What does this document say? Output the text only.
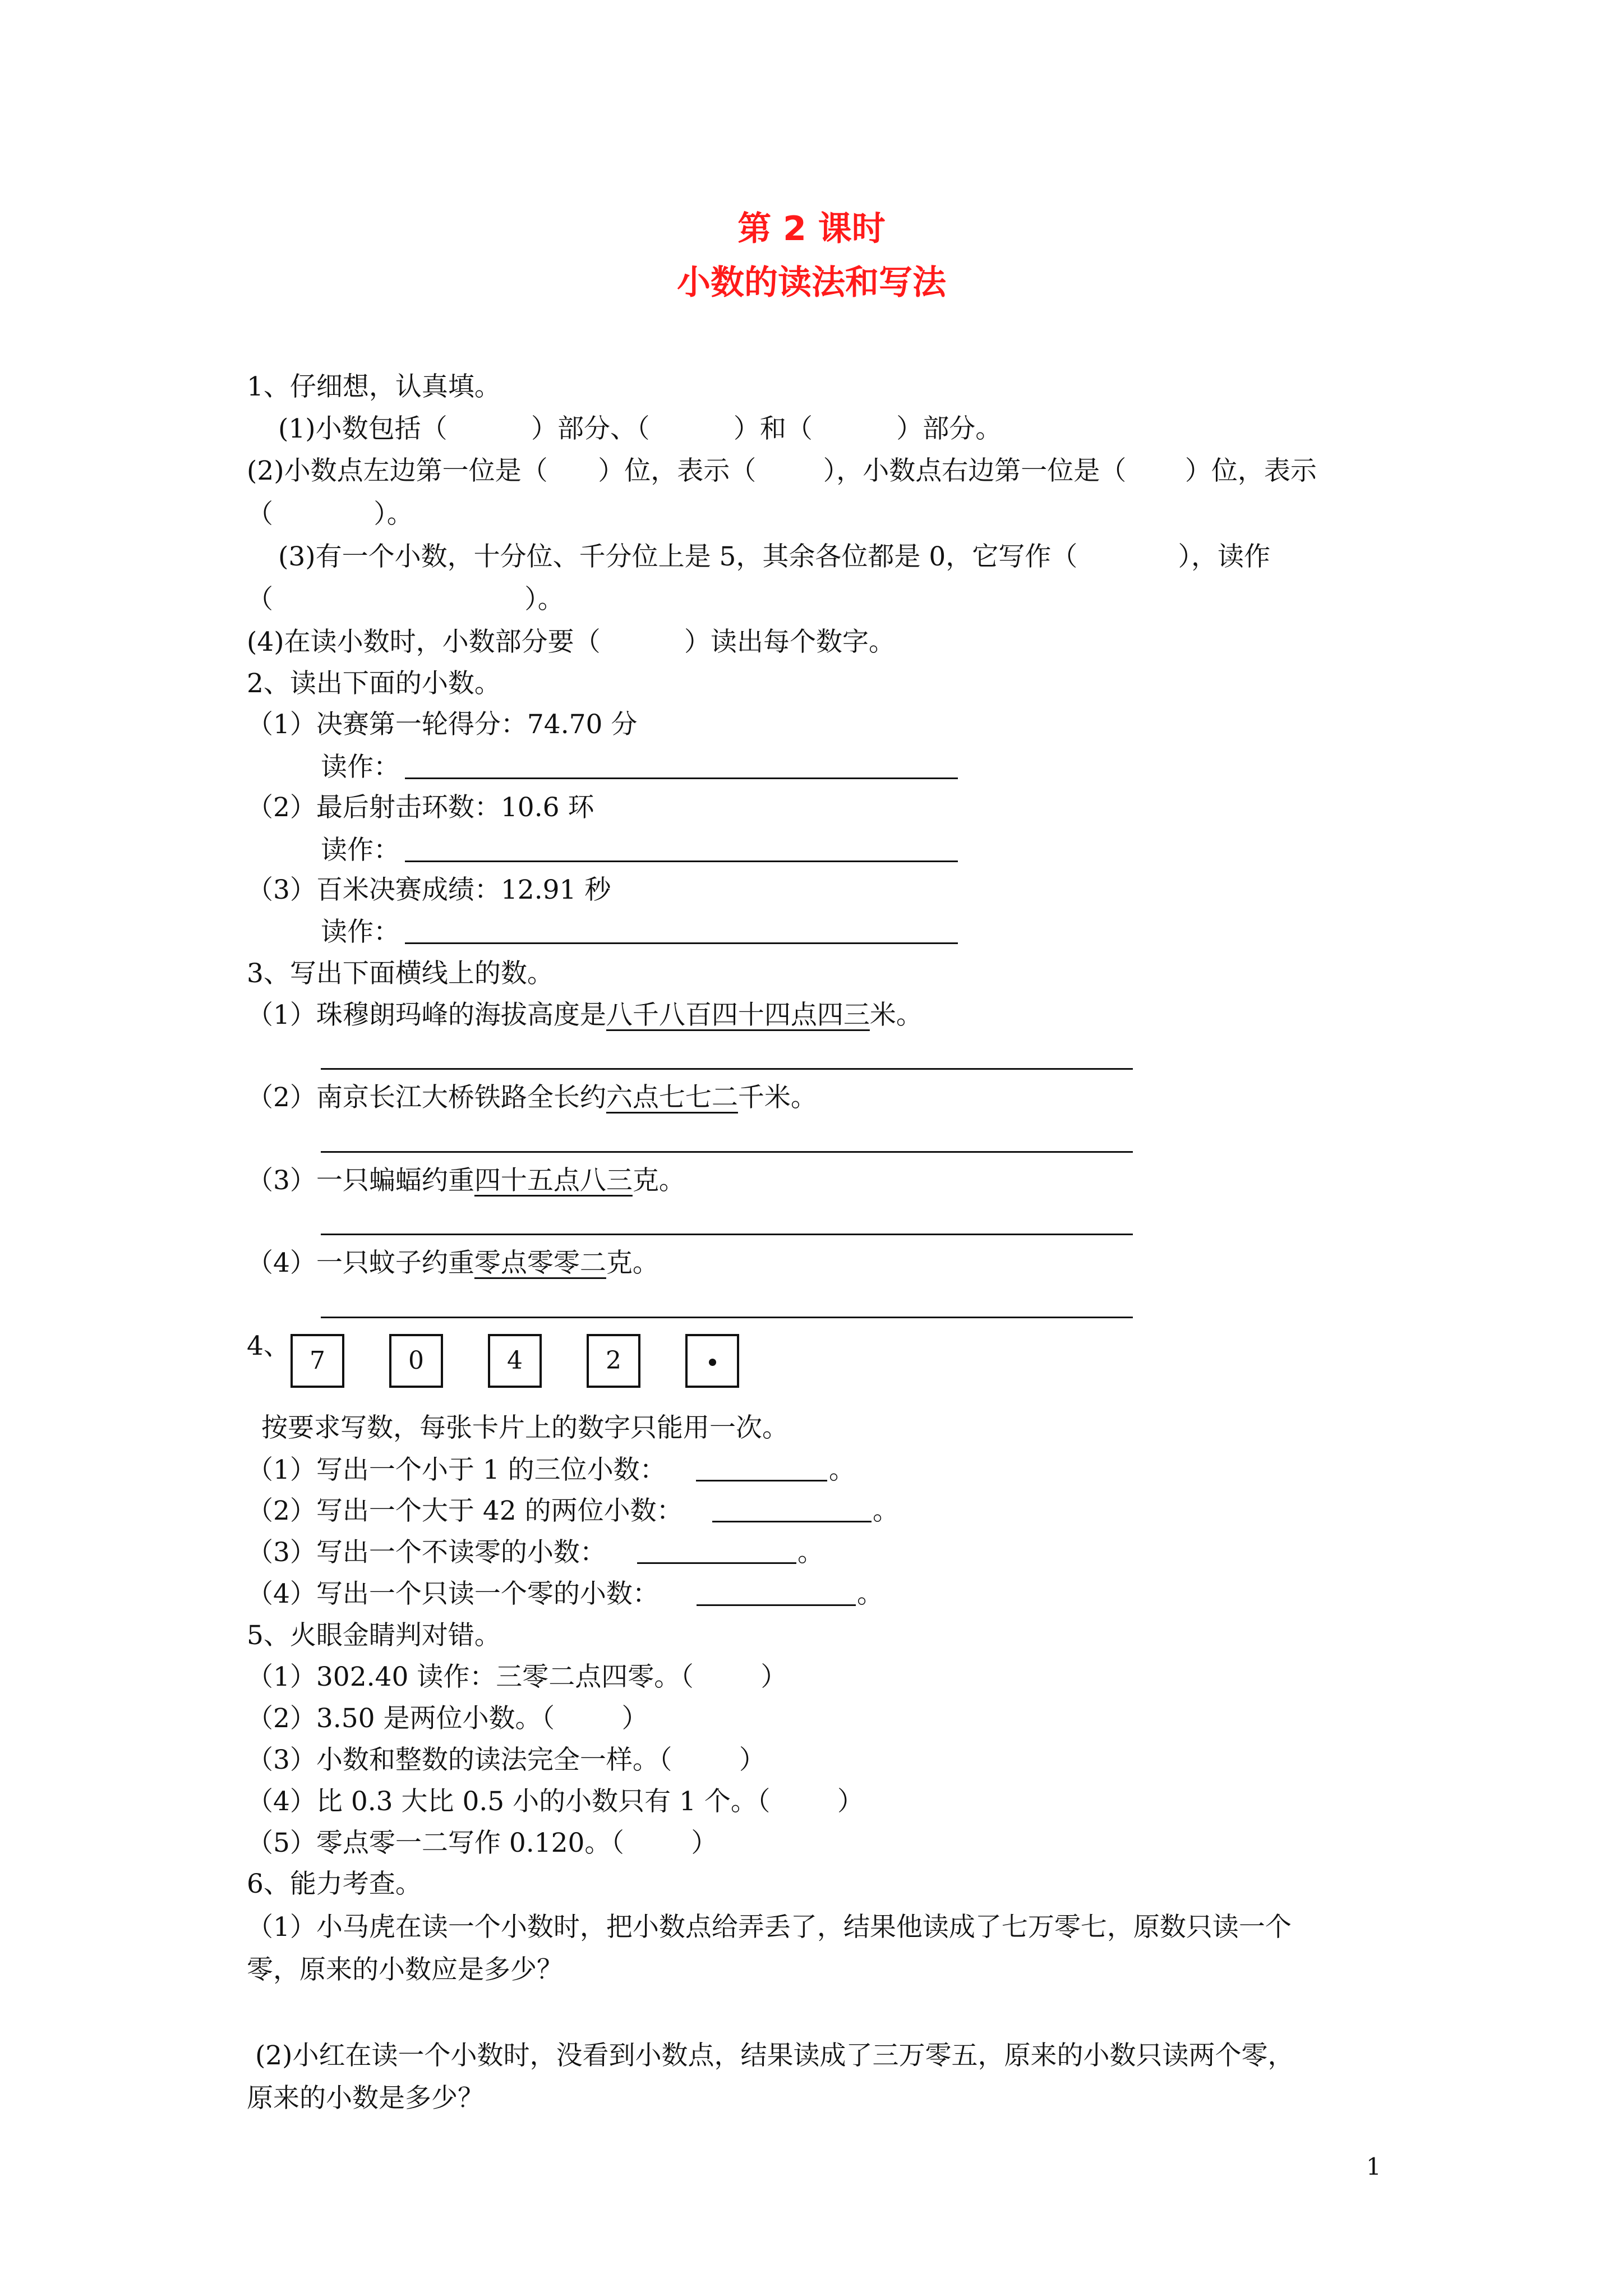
第 2 课时
小数的读法和写法
1、仔细想，认真填。
(1)小数包括（          ）部分、（          ）和（          ）部分。
(2)小数点左边第一位是（      ）位，表示（        ），小数点右边第一位是（       ）位，表示
（            ）。
(3)有一个小数，十分位、千分位上是 5，其余各位都是 0，它写作（            ），读作
（                              ）。
(4)在读小数时，小数部分要（          ）读出每个数字。
2、读出下面的小数。
（1）决赛第一轮得分：74.70 分
读作：
（2）最后射击环数：10.6 环
读作：
（3）百米决赛成绩：12.91 秒
读作：
3、写出下面横线上的数。
（1）珠穆朗玛峰的海拔高度是八千八百四十四点四三米。
（2）南京长江大桥铁路全长约六点七七二千米。
（3）一只蝙蝠约重四十五点八三克。
（4）一只蚊子约重零点零零二克。
4、 7	0	4	2
按要求写数，每张卡片上的数字只能用一次。
（1）写出一个小于 1 的三位小数：	。
（2）写出一个大于 42 的两位小数：	。
（3）写出一个不读零的小数：	。
（4）写出一个只读一个零的小数：	。
5、火眼金睛判对错。
（1）302.40 读作：三零二点四零。（        ）
（2）3.50 是两位小数。（        ）
（3）小数和整数的读法完全一样。（        ）
（4）比 0.3 大比 0.5 小的小数只有 1 个。（        ）
（5）零点零一二写作 0.120。（        ）
6、能力考查。
（1）小马虎在读一个小数时，把小数点给弄丢了，结果他读成了七万零七，原数只读一个
零，原来的小数应是多少？
(2)小红在读一个小数时，没看到小数点，结果读成了三万零五，原来的小数只读两个零，
原来的小数是多少？
1
